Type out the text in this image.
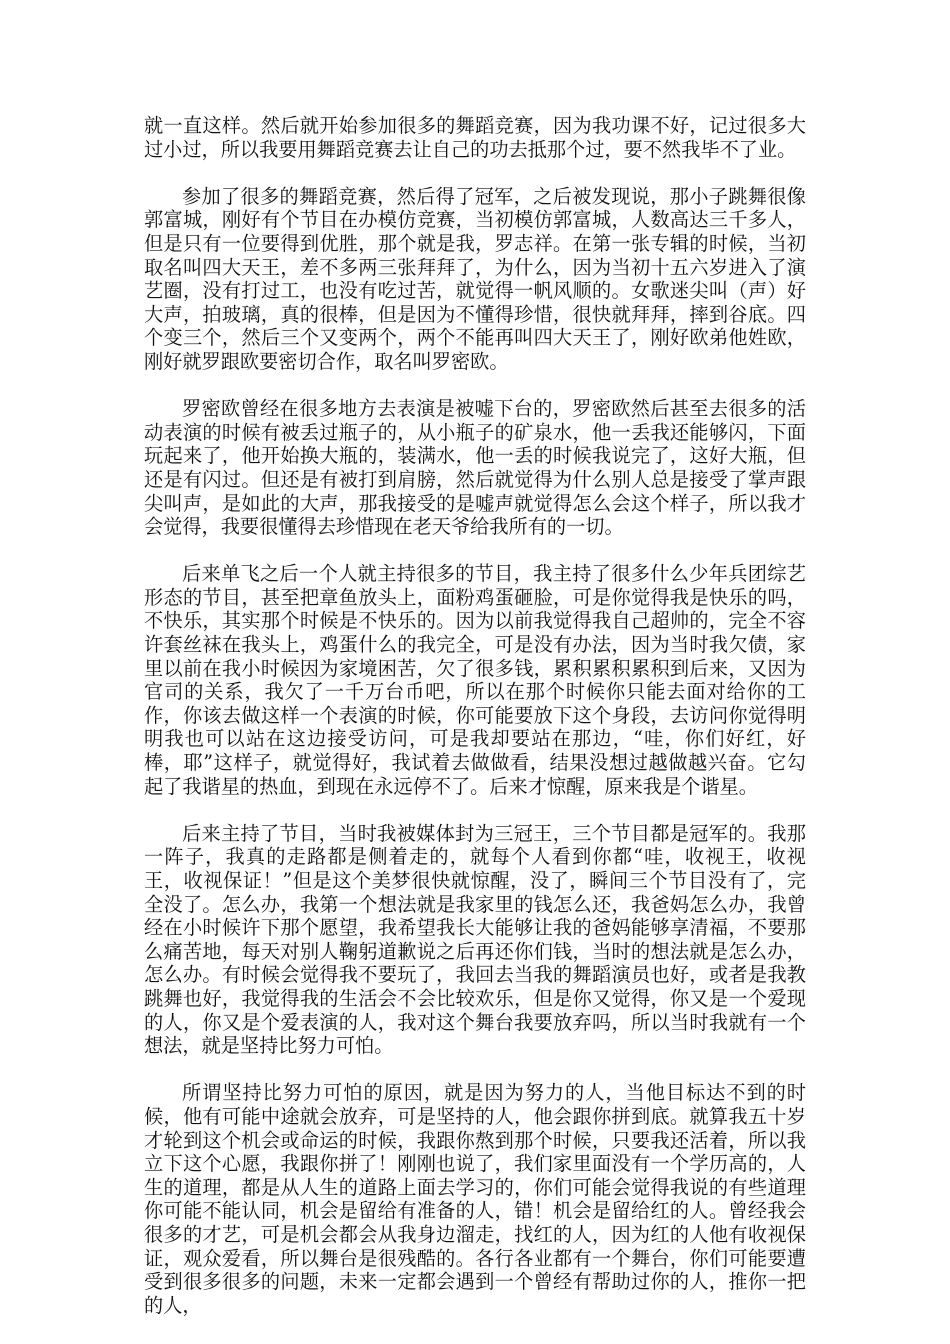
就一直这样。然后就开始参加很多的舞蹈竞赛，因为我功课不好，记过很多大过小过，所以我要用舞蹈竞赛去让自己的功去抵那个过，要不然我毕不了业。

参加了很多的舞蹈竞赛，然后得了冠军，之后被发现说，那小子跳舞很像郭富城，刚好有个节目在办模仿竞赛，当初模仿郭富城，人数高达三千多人，但是只有一位要得到优胜，那个就是我，罗志祥。在第一张专辑的时候，当初取名叫四大天王，差不多两三张拜拜了，为什么，因为当初十五六岁进入了演艺圈，没有打过工，也没有吃过苦，就觉得一帆风顺的。女歌迷尖叫（声）好大声，拍玻璃，真的很棒，但是因为不懂得珍惜，很快就拜拜，摔到谷底。四个变三个，然后三个又变两个，两个不能再叫四大天王了，刚好欧弟他姓欧，刚好就罗跟欧要密切合作，取名叫罗密欧。

罗密欧曾经在很多地方去表演是被嘘下台的，罗密欧然后甚至去很多的活动表演的时候有被丢过瓶子的，从小瓶子的矿泉水，他一丢我还能够闪，下面玩起来了，他开始换大瓶的，装满水，他一丢的时候我说完了，这好大瓶，但还是有闪过。但还是有被打到肩膀，然后就觉得为什么别人总是接受了掌声跟尖叫声，是如此的大声，那我接受的是嘘声就觉得怎么会这个样子，所以我才会觉得，我要很懂得去珍惜现在老天爷给我所有的一切。

后来单飞之后一个人就主持很多的节目，我主持了很多什么少年兵团综艺形态的节目，甚至把章鱼放头上，面粉鸡蛋砸脸，可是你觉得我是快乐的吗，不快乐，其实那个时候是不快乐的。因为以前我觉得我自己超帅的，完全不容许套丝袜在我头上，鸡蛋什么的我完全，可是没有办法，因为当时我欠债，家里以前在我小时候因为家境困苦，欠了很多钱，累积累积累积到后来，又因为官司的关系，我欠了一千万台币吧，所以在那个时候你只能去面对给你的工作，你该去做这样一个表演的时候，你可能要放下这个身段，去访问你觉得明明我也可以站在这边接受访问，可是我却要站在那边，“哇，你们好红，好棒，耶”这样子，就觉得好，我试着去做做看，结果没想过越做越兴奋。它勾起了我谐星的热血，到现在永远停不了。后来才惊醒，原来我是个谐星。

后来主持了节目，当时我被媒体封为三冠王，三个节目都是冠军的。我那一阵子，我真的走路都是侧着走的，就每个人看到你都“哇，收视王，收视王，收视保证！”但是这个美梦很快就惊醒，没了，瞬间三个节目没有了，完全没了。怎么办，我第一个想法就是我家里的钱怎么还，我爸妈怎么办，我曾经在小时候许下那个愿望，我希望我长大能够让我的爸妈能够享清福，不要那么痛苦地，每天对别人鞠躬道歉说之后再还你们钱，当时的想法就是怎么办，怎么办。有时候会觉得我不要玩了，我回去当我的舞蹈演员也好，或者是我教跳舞也好，我觉得我的生活会不会比较欢乐，但是你又觉得，你又是一个爱现的人，你又是个爱表演的人，我对这个舞台我要放弃吗，所以当时我就有一个想法，就是坚持比努力可怕。

所谓坚持比努力可怕的原因，就是因为努力的人，当他目标达不到的时候，他有可能中途就会放弃，可是坚持的人，他会跟你拼到底。就算我五十岁才轮到这个机会或命运的时候，我跟你熬到那个时候，只要我还活着，所以我立下这个心愿，我跟你拼了！刚刚也说了，我们家里面没有一个学历高的，人生的道理，都是从人生的道路上面去学习的，你们可能会觉得我说的有些道理你可能不能认同，机会是留给有准备的人，错！机会是留给红的人。曾经我会很多的才艺，可是机会都会从我身边溜走，找红的人，因为红的人他有收视保证，观众爱看，所以舞台是很残酷的。各行各业都有一个舞台，你们可能要遭受到很多很多的问题，未来一定都会遇到一个曾经有帮助过你的人，推你一把的人，
